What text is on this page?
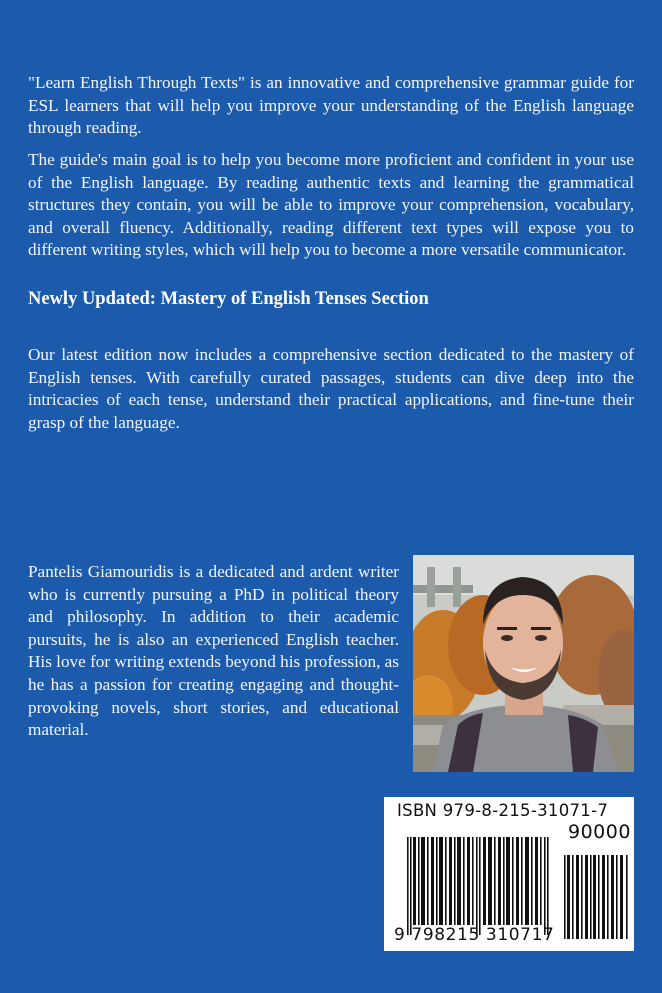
"Learn English Through Texts" is an innovative and comprehensive grammar guide for ESL learners that will help you improve your understanding of the English language through reading.

The guide's main goal is to help you become more proficient and confident in your use of the English language. By reading authentic texts and learning the grammatical structures they contain, you will be able to improve your comprehension, vocabulary, and overall fluency. Additionally, reading different text types will expose you to different writing styles, which will help you to become a more versatile communicator.

Newly Updated: Mastery of English Tenses Section

Our latest edition now includes a comprehensive section dedicated to the mastery of English tenses. With carefully curated passages, students can dive deep into the intricacies of each tense, understand their practical applications, and fine-tune their grasp of the language.

Pantelis Giamouridis is a dedicated and ardent writer who is currently pursuing a PhD in political theory and philosophy. In addition to their academic pursuits, he is also an experienced English teacher. His love for writing extends beyond his profession, as he has a passion for creating engaging and thought-provoking novels, short stories, and educational material.

ISBN 979-8-215-31071-7
90000
9 798215 310717
